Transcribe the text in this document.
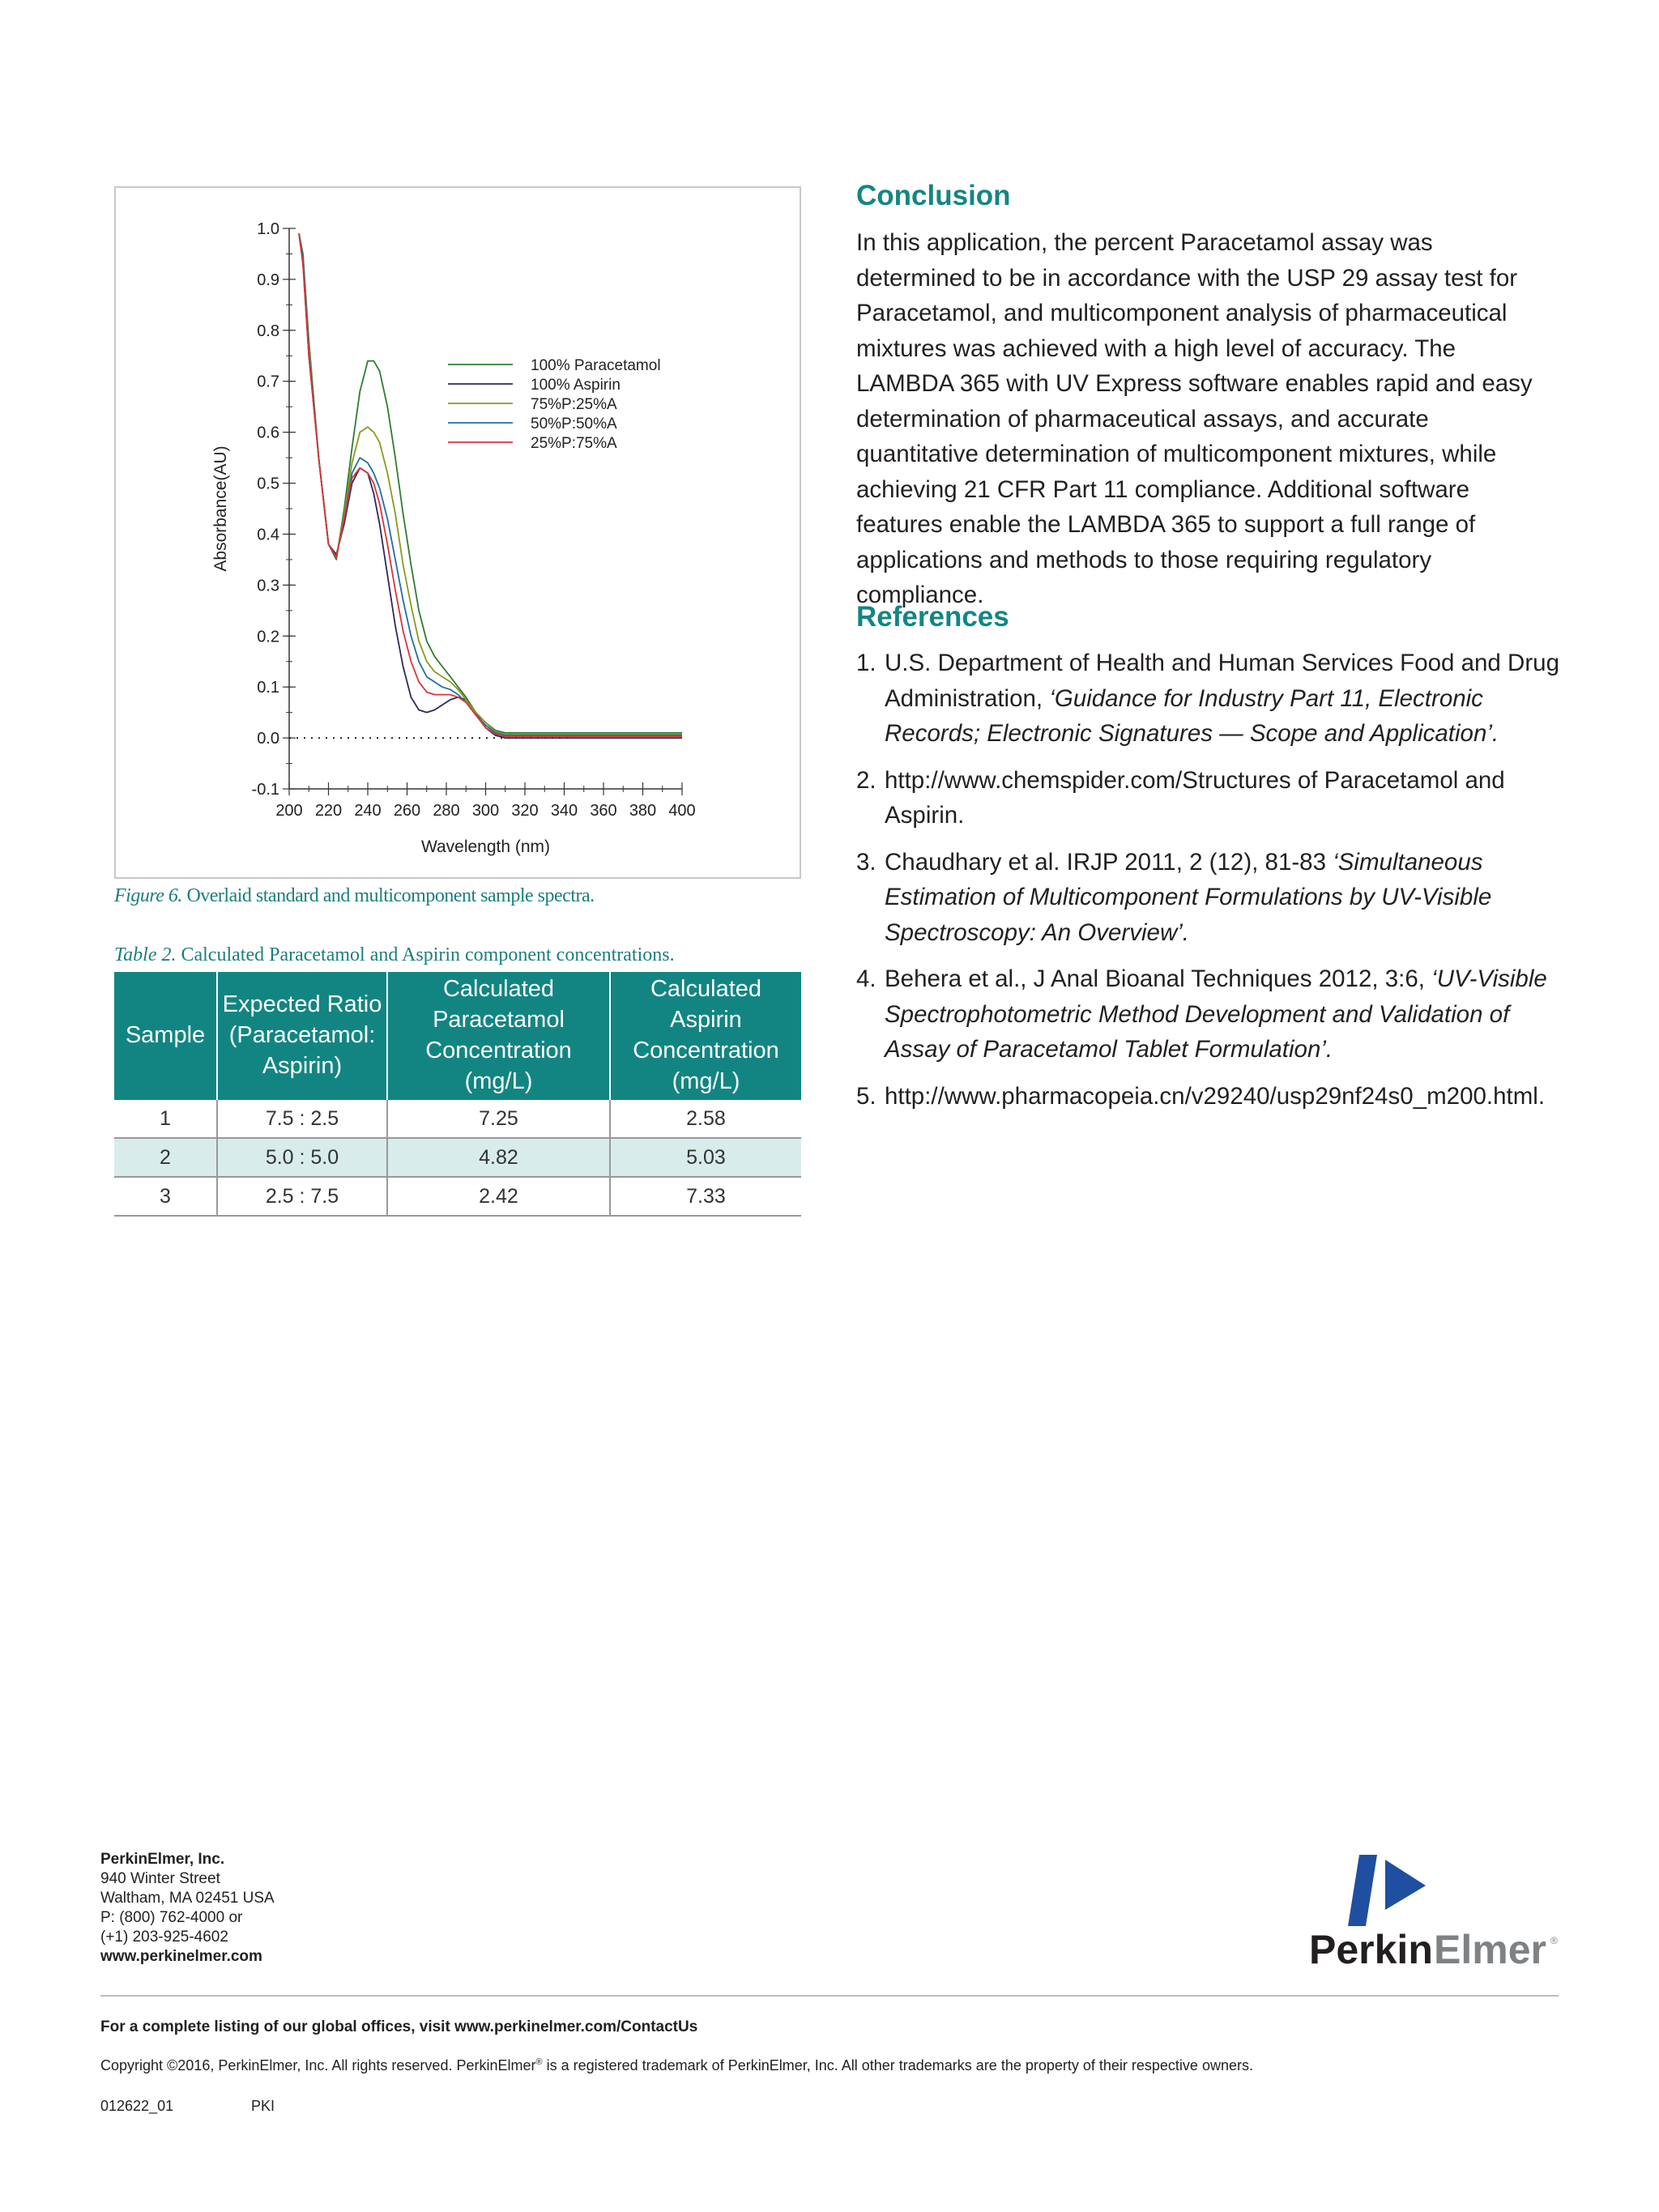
1.0
0.9
0.8
0.7
0.6
0.5
0.4
0.3
0.2
0.1
0.0
-0.1
200 220 240 260 280 300 320 340 360 380 400
Wavelength (nm)
Absorbance(AU)
100% Paracetamol
100% Aspirin
75%P:25%A
50%P:50%A
25%P:75%A
Figure 6. Overlaid standard and multicomponent sample spectra.
Table 2. Calculated Paracetamol and Aspirin component concentrations.
Sample	Expected Ratio (Paracetamol: Aspirin)	Calculated Paracetamol Concentration (mg/L)	Calculated Aspirin Concentration (mg/L)
1	7.5 : 2.5	7.25	2.58
2	5.0 : 5.0	4.82	5.03
3	2.5 : 7.5	2.42	7.33
Conclusion
In this application, the percent Paracetamol assay was determined to be in accordance with the USP 29 assay test for Paracetamol, and multicomponent analysis of pharmaceutical mixtures was achieved with a high level of accuracy. The LAMBDA 365 with UV Express software enables rapid and easy determination of pharmaceutical assays, and accurate quantitative determination of multicomponent mixtures, while achieving 21 CFR Part 11 compliance. Additional software features enable the LAMBDA 365 to support a full range of applications and methods to those requiring regulatory compliance.
References
1. U.S. Department of Health and Human Services Food and Drug Administration, ‘Guidance for Industry Part 11, Electronic Records; Electronic Signatures — Scope and Application’.
2. http://www.chemspider.com/Structures of Paracetamol and Aspirin.
3. Chaudhary et al. IRJP 2011, 2 (12), 81-83 ‘Simultaneous Estimation of Multicomponent Formulations by UV-Visible Spectroscopy: An Overview’.
4. Behera et al., J Anal Bioanal Techniques 2012, 3:6, ‘UV-Visible Spectrophotometric Method Development and Validation of Assay of Paracetamol Tablet Formulation’.
5. http://www.pharmacopeia.cn/v29240/usp29nf24s0_m200.html.
PerkinElmer, Inc.
940 Winter Street
Waltham, MA 02451 USA
P: (800) 762-4000 or
(+1) 203-925-4602
www.perkinelmer.com	Perkin Elmer ®
For a complete listing of our global offices, visit www.perkinelmer.com/ContactUs
Copyright ©2016, PerkinElmer, Inc. All rights reserved. PerkinElmer® is a registered trademark of PerkinElmer, Inc. All other trademarks are the property of their respective owners.
012622_01	PKI
